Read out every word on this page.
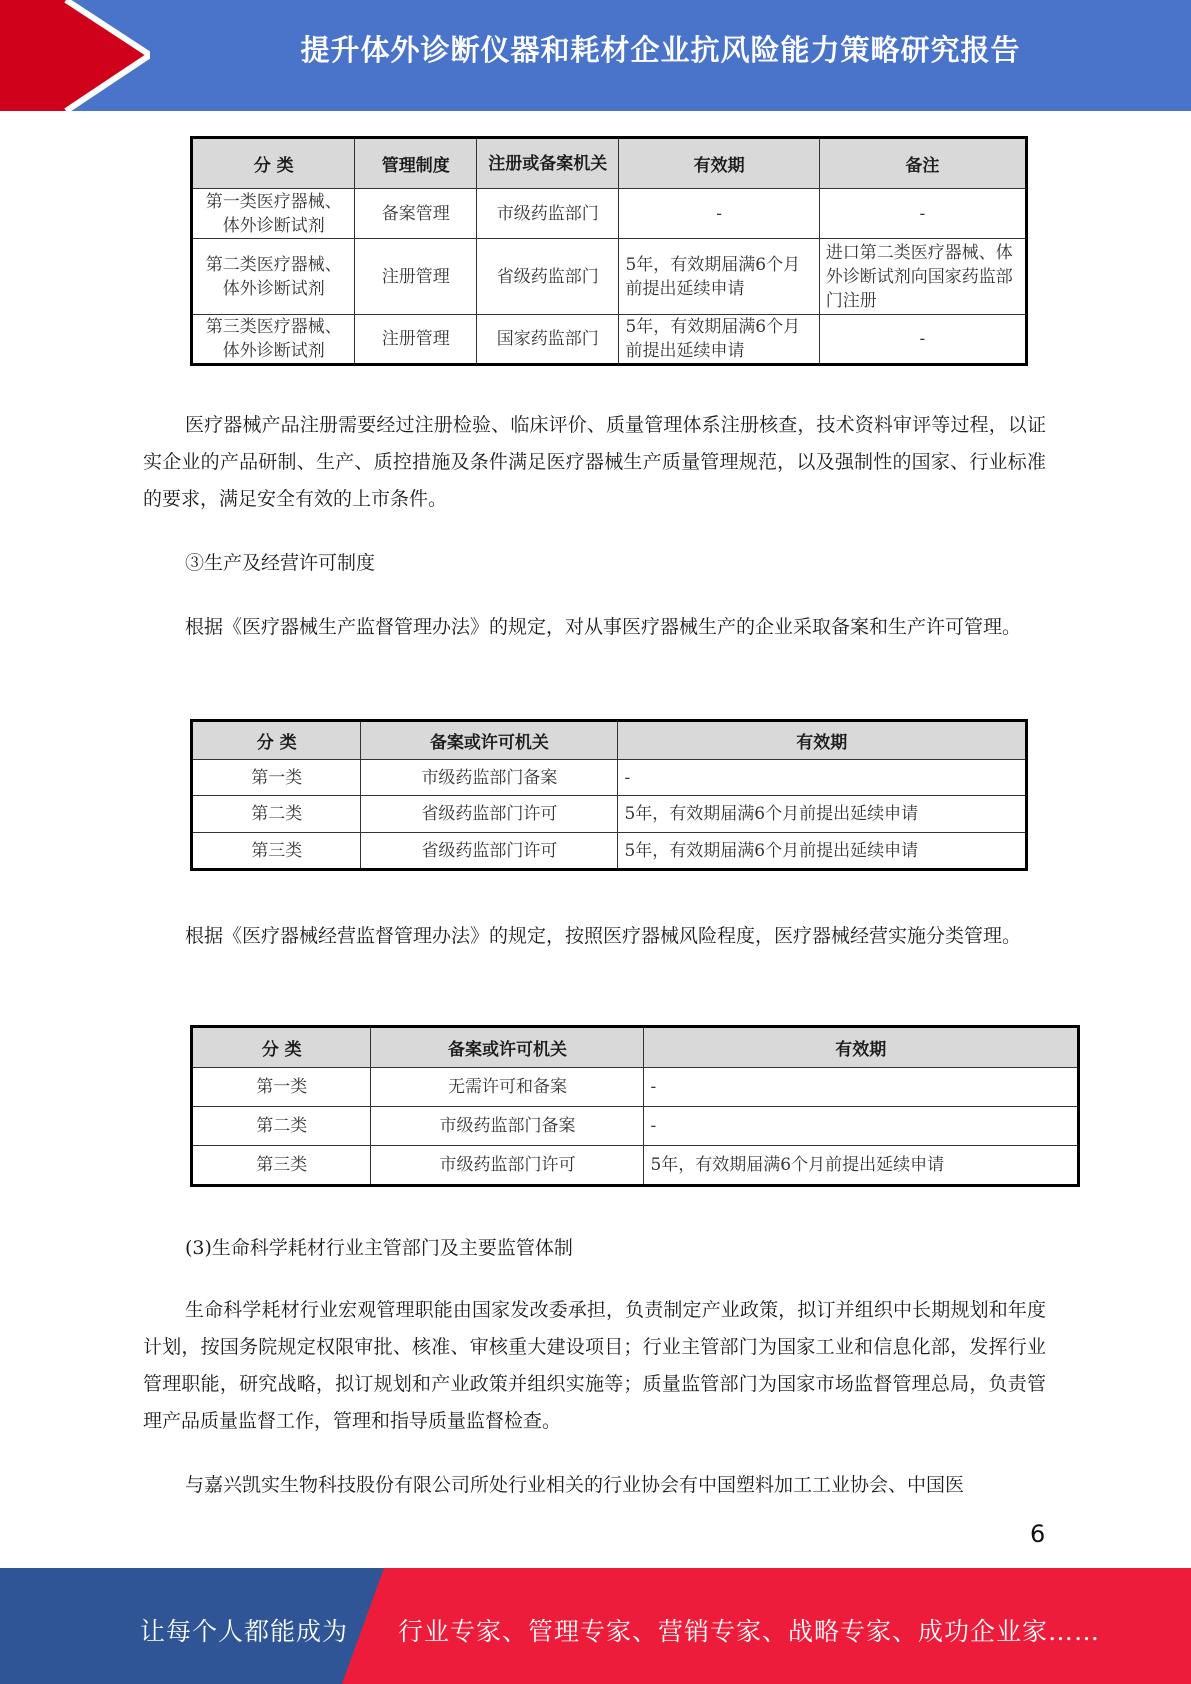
提升体外诊断仪器和耗材企业抗风险能力策略研究报告
分 类	管理制度	注册或备案机关	有效期	备注
第一类医疗器械、体外诊断试剂	备案管理	市级药监部门	-	-
第二类医疗器械、体外诊断试剂	注册管理	省级药监部门	5年，有效期届满6个月前提出延续申请	进口第二类医疗器械、体外诊断试剂向国家药监部门注册
第三类医疗器械、体外诊断试剂	注册管理	国家药监部门	5年，有效期届满6个月前提出延续申请	-
医疗器械产品注册需要经过注册检验、临床评价、质量管理体系注册核查，技术资料审评等过程，以证实企业的产品研制、生产、质控措施及条件满足医疗器械生产质量管理规范，以及强制性的国家、行业标准的要求，满足安全有效的上市条件。
③生产及经营许可制度
根据《医疗器械生产监督管理办法》的规定，对从事医疗器械生产的企业采取备案和生产许可管理。
分 类	备案或许可机关	有效期
第一类	市级药监部门备案	-
第二类	省级药监部门许可	5年，有效期届满6个月前提出延续申请
第三类	省级药监部门许可	5年，有效期届满6个月前提出延续申请
根据《医疗器械经营监督管理办法》的规定，按照医疗器械风险程度，医疗器械经营实施分类管理。
分 类	备案或许可机关	有效期
第一类	无需许可和备案	-
第二类	市级药监部门备案	-
第三类	市级药监部门许可	5年，有效期届满6个月前提出延续申请
(3)生命科学耗材行业主管部门及主要监管体制
生命科学耗材行业宏观管理职能由国家发改委承担，负责制定产业政策，拟订并组织中长期规划和年度计划，按国务院规定权限审批、核准、审核重大建设项目；行业主管部门为国家工业和信息化部，发挥行业管理职能，研究战略，拟订规划和产业政策并组织实施等；质量监管部门为国家市场监督管理总局，负责管理产品质量监督工作，管理和指导质量监督检查。
与嘉兴凯实生物科技股份有限公司所处行业相关的行业协会有中国塑料加工工业协会、中国医
6
让每个人都能成为 行业专家、管理专家、营销专家、战略专家、成功企业家……
